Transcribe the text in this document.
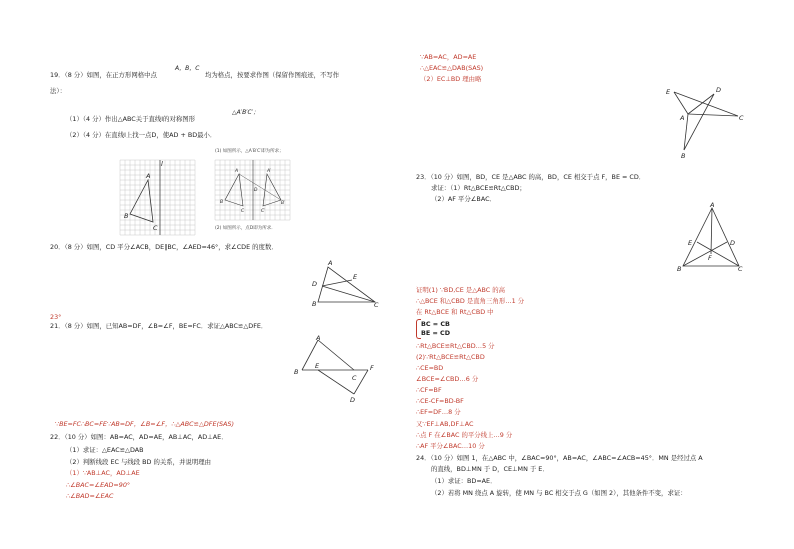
19．（8 分）如图，在正方形网格中点
A，B，C
均为格点，按要求作图（保留作图痕迹，不写作
法）：
（1）（4 分）作出△ABC关于直线l的对称图形
△A′B′C′；
（2）（4 分）在直线l上找一点D，使AD + BD最小．
(1) 如图所示，△A′B′C′即为所求；
(2) 如图所示，点D即为所求．
A
B
C
l
A
B
C
A′
B′
C′
D
20．（8 分）如图，CD 平分∠ACB，DE∥BC，∠AED=46°，求∠CDE 的度数．
A
D
E
B	C
23°
21．（8 分）如图，已知AB=DF，∠B=∠F，BE=FC．求证△ABC≌△DFE．
A
B
E
C
F
D
∵BE=FC∴BC=FE∵AB=DF，∠B=∠F，∴△ABC≌△DFE(SAS)
22．（10 分）如图：AB=AC，AD=AE，AB⊥AC，AD⊥AE．
（1）求证：△EAC≌△DAB
（2）判断线段 EC 与线段 BD 的关系，并说明理由
（1）∵AB⊥AC，AD⊥AE
∴∠BAC=∠EAD=90°
∴∠BAD=∠EAC
∵AB=AC，AD=AE
∴△EAC≌△DAB(SAS)
（2）EC⊥BD 理由略
E	D
A	C
B
23．（10 分）如图，BD，CE 是△ABC 的高，BD，CE 相交于点 F，BE = CD．
求证：（1）Rt△BCE≌Rt△CBD；
（2）AF 平分∠BAC．
A
E	D
F
B	C
证明(1) ∵BD,CE 是△ABC 的高
∴△BCE 和△CBD 是直角三角形…1 分
在 Rt△BCE 和 Rt△CBD 中
BC = CB
BE = CD
∴Rt△BCE≌Rt△CBD…5 分
(2)∵Rt△BCE≌Rt△CBD
∴CE=BD
∠BCE=∠CBD…6 分
∴CF=BF
∴CE-CF=BD-BF
∴EF=DF…8 分
又∵EF⊥AB,DF⊥AC
∴点 F 在∠BAC 的平分线上…9 分
∴AF 平分∠BAC…10 分
24．（10 分）如图 1，在△ABC 中，∠BAC=90°，AB=AC，∠ABC=∠ACB=45°．MN 是经过点 A
的直线，BD⊥MN 于 D，CE⊥MN 于 E．
（1）求证：BD=AE．
（2）若将 MN 绕点 A 旋转，使 MN 与 BC 相交于点 G（如图 2），其他条件不变，求证：
